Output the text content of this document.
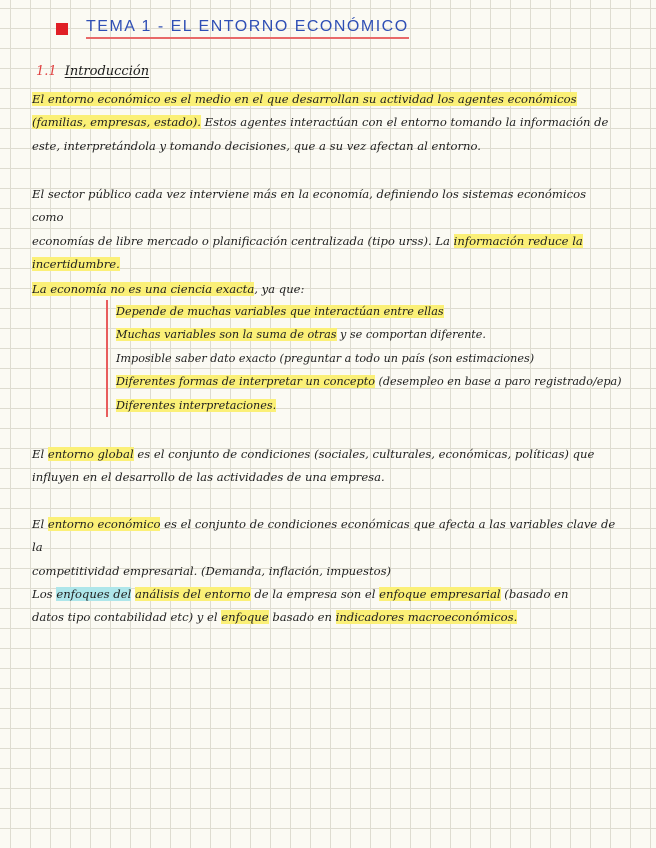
TEMA 1 - EL ENTORNO ECONÓMICO
1.1 Introducción
El entorno económico es el medio en el que desarrollan su actividad los agentes económicos
(familias, empresas, estado). Estos agentes interactúan con el entorno tomando la información de
este, interpretándola y tomando decisiones, que a su vez afectan al entorno.
El sector público cada vez interviene más en la economía, definiendo los sistemas económicos como
economías de libre mercado o planificación centralizada (tipo urss). La información reduce la
incertidumbre.
La economía no es una ciencia exacta, ya que:
Depende de muchas variables que interactúan entre ellas
Muchas variables son la suma de otras y se comportan diferente.
Imposible saber dato exacto (preguntar a todo un país (son estimaciones)
Diferentes formas de interpretar un concepto (desempleo en base a paro registrado/epa)
Diferentes interpretaciones.
El entorno global es el conjunto de condiciones (sociales, culturales, económicas, políticas) que
influyen en el desarrollo de las actividades de una empresa.
El entorno económico es el conjunto de condiciones económicas que afecta a las variables clave de la
competitividad empresarial. (Demanda, inflación, impuestos)
Los enfoques del análisis del entorno de la empresa son el enfoque empresarial (basado en
datos tipo contabilidad etc) y el enfoque basado en indicadores macroeconómicos.
